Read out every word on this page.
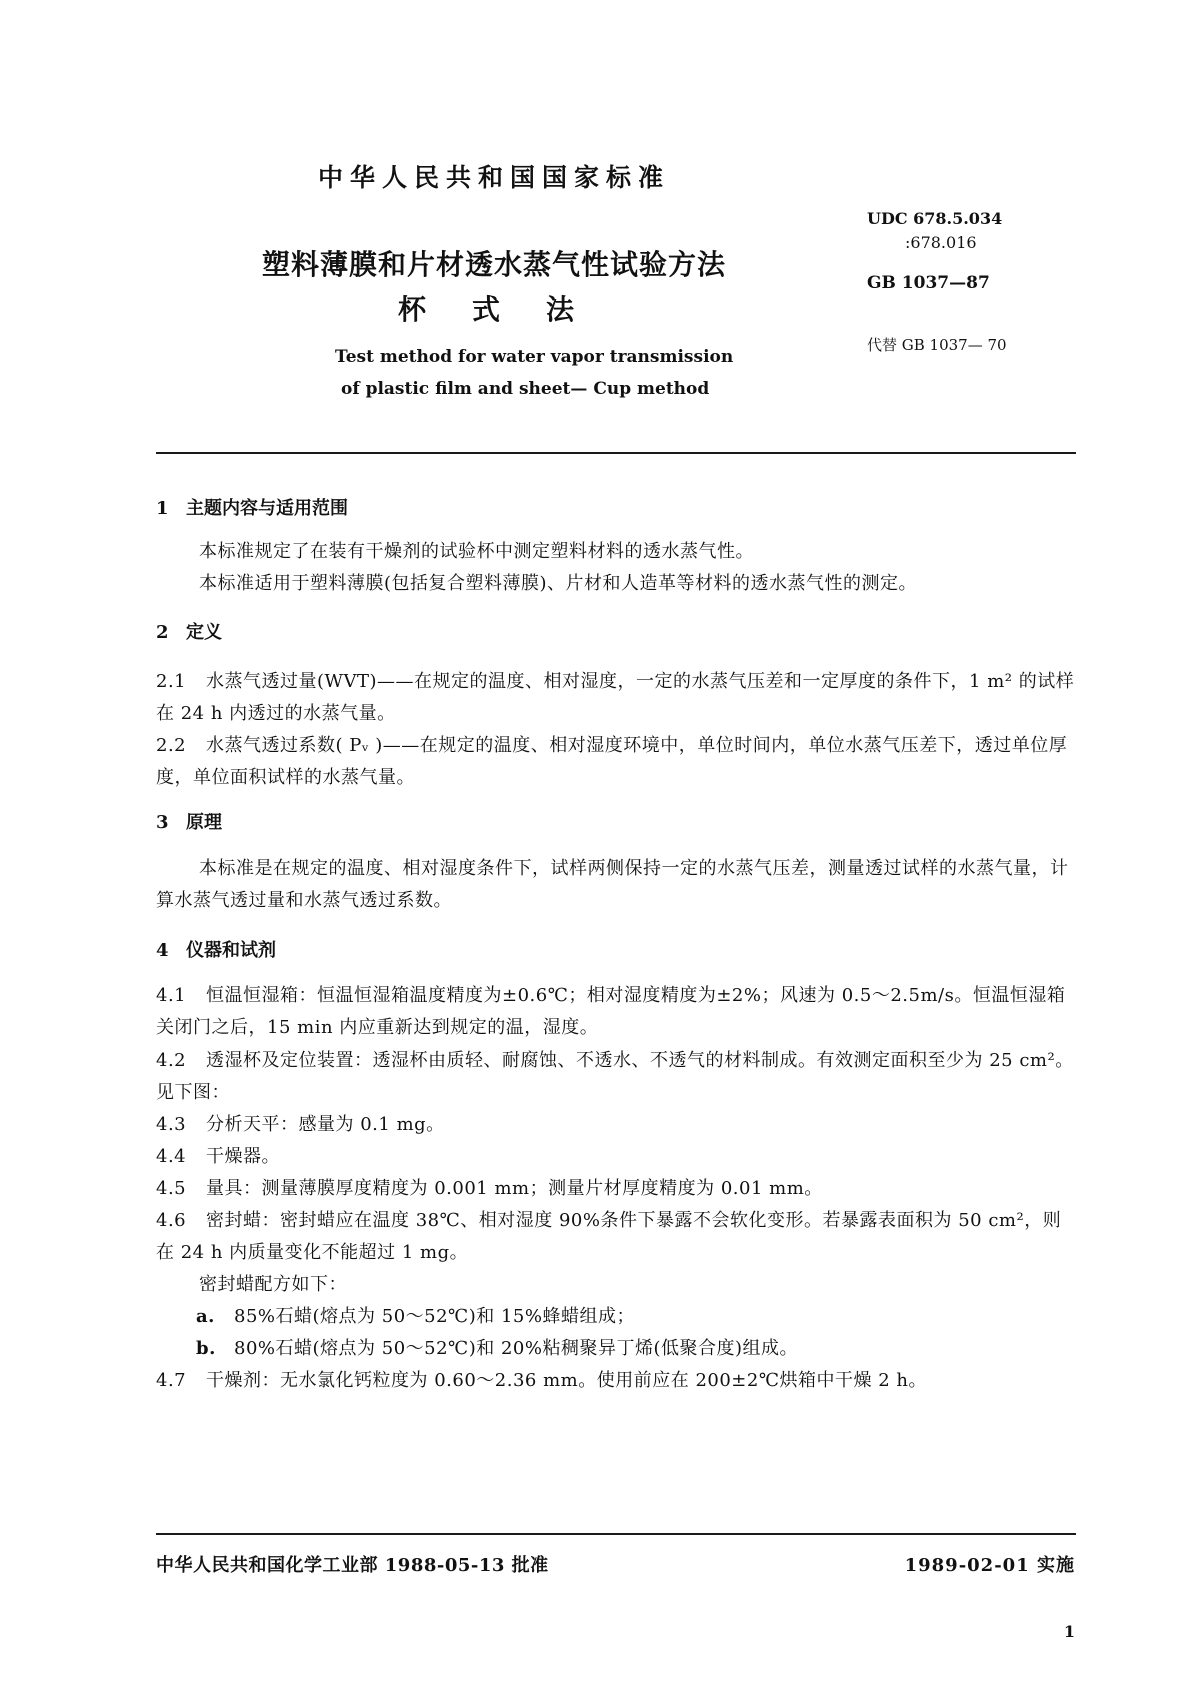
中华人民共和国国家标准
塑料薄膜和片材透水蒸气性试验方法
杯式法
Test method for water vapor transmission
of plastic film and sheet— Cup method
UDC 678.5.034
:678.016
GB 1037—87
代替 GB 1037— 70
1 主题内容与适用范围
本标准规定了在装有干燥剂的试验杯中测定塑料材料的透水蒸气性。
本标准适用于塑料薄膜(包括复合塑料薄膜)、片材和人造革等材料的透水蒸气性的测定。
2 定义
2.1 水蒸气透过量(WVT)——在规定的温度、相对湿度，一定的水蒸气压差和一定厚度的条件下，1 m² 的试样在 24 h 内透过的水蒸气量。
2.2 水蒸气透过系数( Pᵥ )——在规定的温度、相对湿度环境中，单位时间内，单位水蒸气压差下，透过单位厚度，单位面积试样的水蒸气量。
3 原理
本标准是在规定的温度、相对湿度条件下，试样两侧保持一定的水蒸气压差，测量透过试样的水蒸气量，计算水蒸气透过量和水蒸气透过系数。
4 仪器和试剂
4.1 恒温恒湿箱：恒温恒湿箱温度精度为±0.6℃；相对湿度精度为±2%；风速为 0.5～2.5m/s。恒温恒湿箱关闭门之后，15 min 内应重新达到规定的温，湿度。
4.2 透湿杯及定位装置：透湿杯由质轻、耐腐蚀、不透水、不透气的材料制成。有效测定面积至少为 25 cm²。见下图：
4.3 分析天平：感量为 0.1 mg。
4.4 干燥器。
4.5 量具：测量薄膜厚度精度为 0.001 mm；测量片材厚度精度为 0.01 mm。
4.6 密封蜡：密封蜡应在温度 38℃、相对湿度 90%条件下暴露不会软化变形。若暴露表面积为 50 cm²，则在 24 h 内质量变化不能超过 1 mg。
密封蜡配方如下：
a. 85%石蜡(熔点为 50～52℃)和 15%蜂蜡组成；
b. 80%石蜡(熔点为 50～52℃)和 20%粘稠聚异丁烯(低聚合度)组成。
4.7 干燥剂：无水氯化钙粒度为 0.60～2.36 mm。使用前应在 200±2℃烘箱中干燥 2 h。
中华人民共和国化学工业部 1988-05-13 批准	1989-02-01 实施
1
